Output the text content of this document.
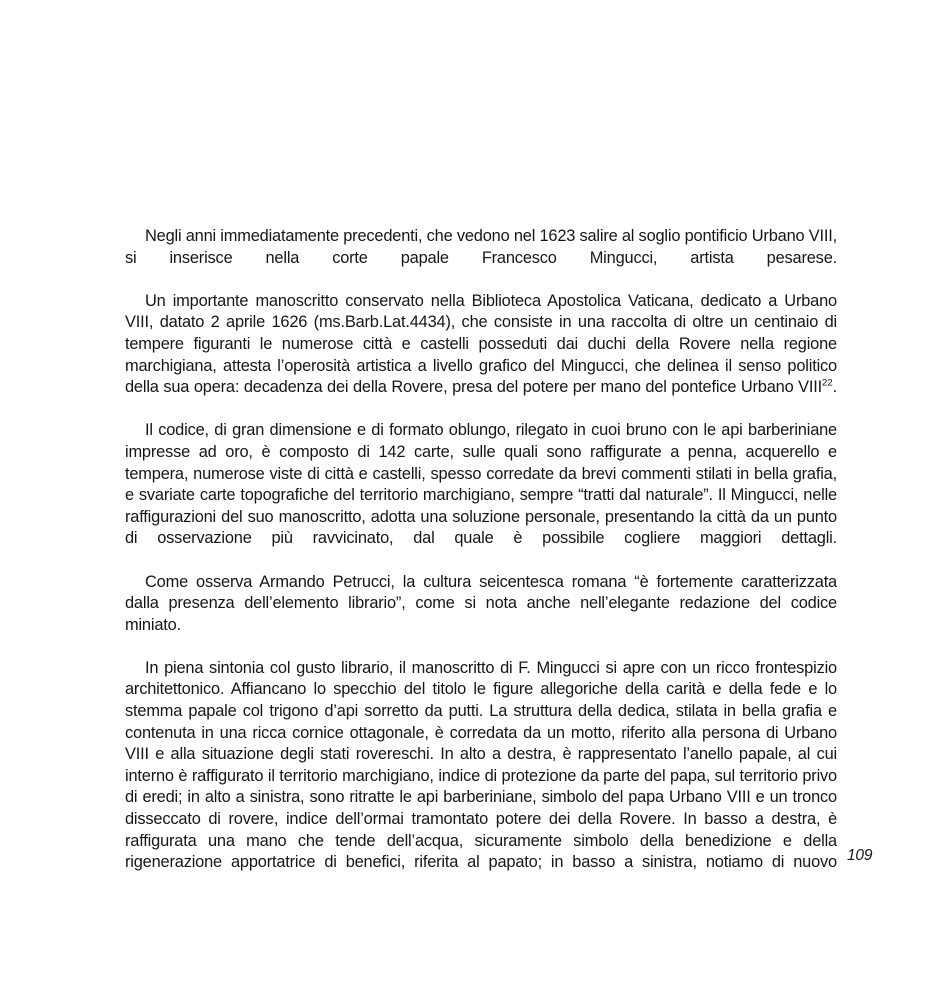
Negli anni immediatamente precedenti, che vedono nel 1623 salire al soglio pontificio Urbano VIII, si inserisce nella corte papale Francesco Mingucci, artista pesarese.

Un importante manoscritto conservato nella Biblioteca Apostolica Vaticana, dedicato a Urbano VIII, datato 2 aprile 1626 (ms.Barb.Lat.4434), che consiste in una raccolta di oltre un centinaio di tempere figuranti le numerose città e castelli posseduti dai duchi della Rovere nella regione marchigiana, attesta l’operosità artistica a livello grafico del Mingucci, che delinea il senso politico della sua opera: decadenza dei della Rovere, presa del potere per mano del pontefice Urbano VIII$^{22}$.

Il codice, di gran dimensione e di formato oblungo, rilegato in cuoi bruno con le api barberiniane impresse ad oro, è composto di 142 carte, sulle quali sono raffigurate a penna, acquerello e tempera, numerose viste di città e castelli, spesso corredate da brevi commenti stilati in bella grafia, e svariate carte topografiche del territorio marchigiano, sempre “tratti dal naturale”. Il Mingucci, nelle raffigurazioni del suo manoscritto, adotta una soluzione personale, presentando la città da un punto di osservazione più ravvicinato, dal quale è possibile cogliere maggiori dettagli.

Come osserva Armando Petrucci, la cultura seicentesca romana “è fortemente caratterizzata dalla presenza dell’elemento librario”, come si nota anche nell’elegante redazione del codice miniato.

In piena sintonia col gusto librario, il manoscritto di F. Mingucci si apre con un ricco frontespizio architettonico. Affiancano lo specchio del titolo le figure allegoriche della carità e della fede e lo stemma papale col trigono d’api sorretto da putti. La struttura della dedica, stilata in bella grafia e contenuta in una ricca cornice ottagonale, è corredata da un motto, riferito alla persona di Urbano VIII e alla situazione degli stati rovereschi. In alto a destra, è rappresentato l’anello papale, al cui interno è raffigurato il territorio marchigiano, indice di protezione da parte del papa, sul territorio privo di eredi; in alto a sinistra, sono ritratte le api barberiniane, simbolo del papa Urbano VIII e un tronco disseccato di rovere, indice dell’ormai tramontato potere dei della Rovere. In basso a destra, è raffigurata una mano che tende dell’acqua, sicuramente simbolo della benedizione e della rigenerazione apportatrice di benefici, riferita al papato; in basso a sinistra, notiamo di nuovo 109
